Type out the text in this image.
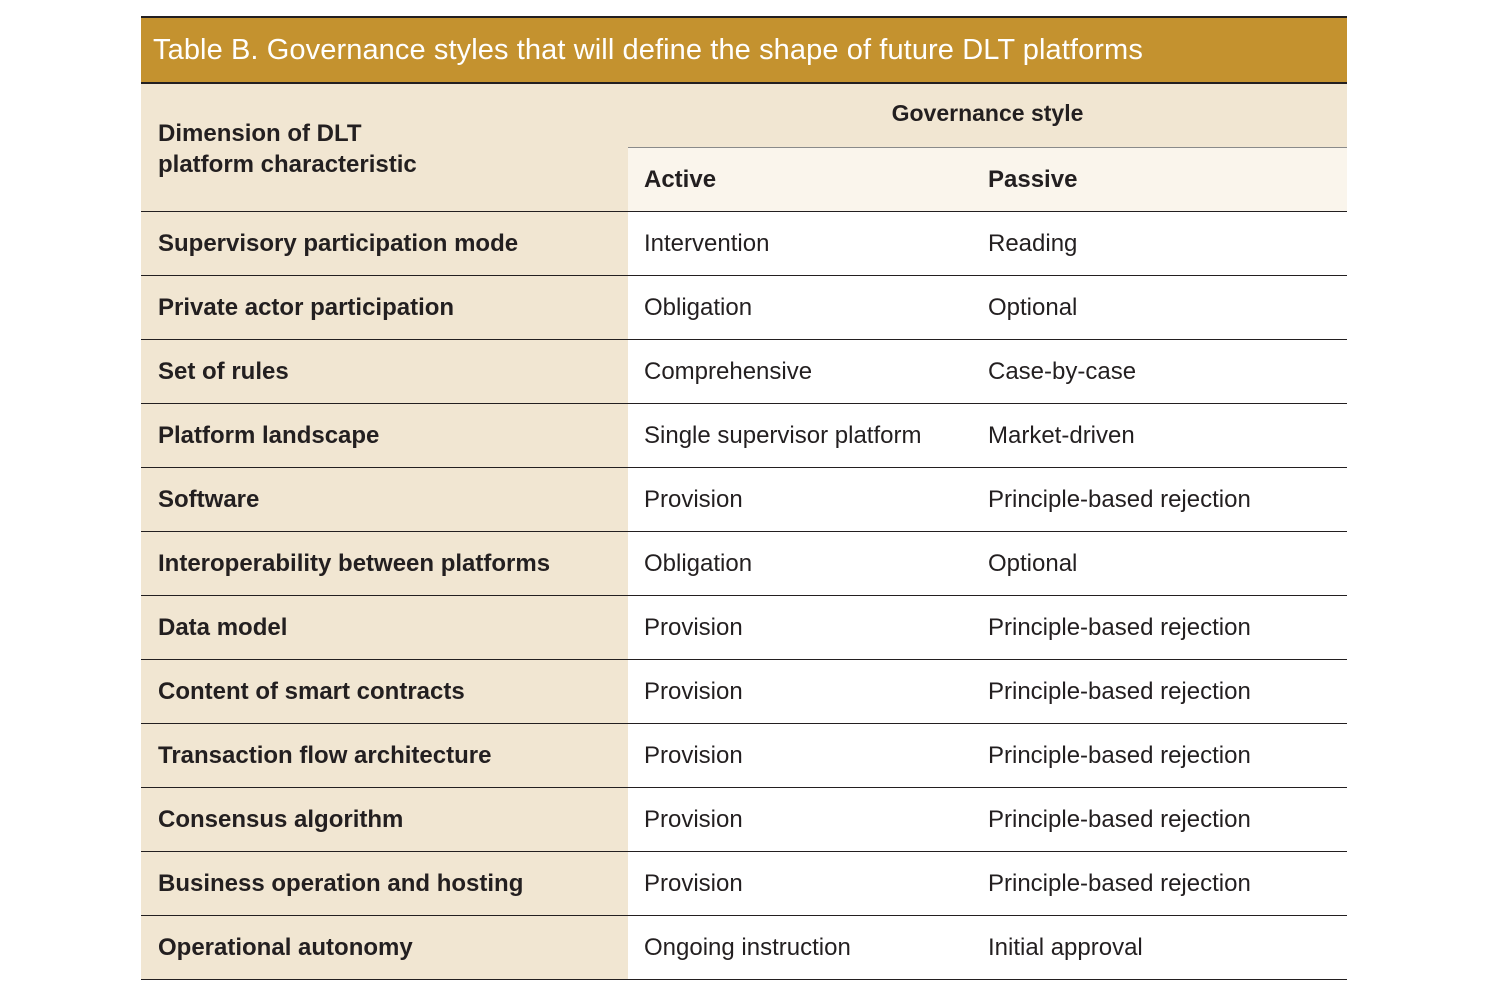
Table B. Governance styles that will define the shape of future DLT platforms
Dimension of DLT
platform characteristic
Governance style
Active	Passive
Supervisory participation mode	Intervention	Reading
Private actor participation	Obligation	Optional
Set of rules	Comprehensive	Case-by-case
Platform landscape	Single supervisor platform	Market-driven
Software	Provision	Principle-based rejection
Interoperability between platforms	Obligation	Optional
Data model	Provision	Principle-based rejection
Content of smart contracts	Provision	Principle-based rejection
Transaction flow architecture	Provision	Principle-based rejection
Consensus algorithm	Provision	Principle-based rejection
Business operation and hosting	Provision	Principle-based rejection
Operational autonomy	Ongoing instruction	Initial approval
